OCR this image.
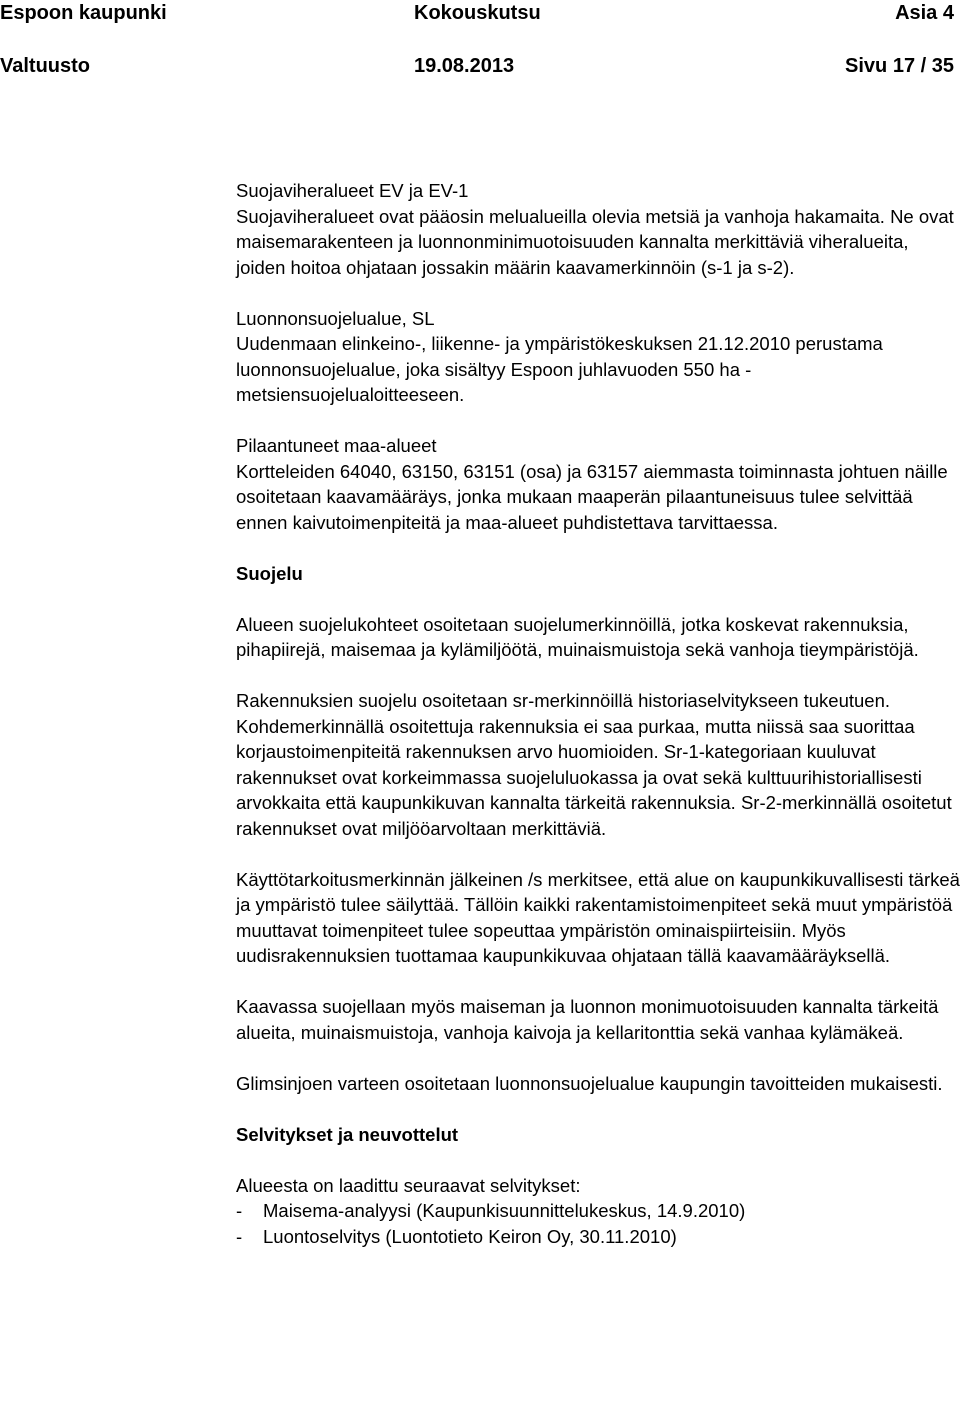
Espoon kaupunki	Kokouskutsu	Asia 4
Valtuusto	19.08.2013	Sivu 17 / 35

Suojaviheralueet EV ja EV-1

Suojaviheralueet ovat pääosin melualueilla olevia metsiä ja vanhoja hakamaita. Ne ovat maisemarakenteen ja luonnonminimuotoisuuden kannalta merkittäviä viheralueita, joiden hoitoa ohjataan jossakin määrin kaavamerkinnöin (s-1 ja s-2).

Luonnonsuojelualue, SL

Uudenmaan elinkeino-, liikenne- ja ympäristökeskuksen 21.12.2010 perustama luonnonsuojelualue, joka sisältyy Espoon juhlavuoden 550 ha -metsiensuojelualoitteeseen.

Pilaantuneet maa-alueet

Kortteleiden 64040, 63150, 63151 (osa) ja 63157 aiemmasta toiminnasta johtuen näille osoitetaan kaavamääräys, jonka mukaan maaperän pilaantuneisuus tulee selvittää ennen kaivutoimenpiteitä ja maa-alueet puhdistettava tarvittaessa.

Suojelu

Alueen suojelukohteet osoitetaan suojelumerkinnöillä, jotka koskevat rakennuksia, pihapiirejä, maisemaa ja kylämiljöötä, muinaismuistoja sekä vanhoja tieympäristöjä.

Rakennuksien suojelu osoitetaan sr-merkinnöillä historiaselvitykseen tukeutuen. Kohdemerkinnällä osoitettuja rakennuksia ei saa purkaa, mutta niissä saa suorittaa korjaustoimenpiteitä rakennuksen arvo huomioiden. Sr-1-kategoriaan kuuluvat rakennukset ovat korkeimmassa suojeluluokassa ja ovat sekä kulttuurihistoriallisesti arvokkaita että kaupunkikuvan kannalta tärkeitä rakennuksia. Sr-2-merkinnällä osoitetut rakennukset ovat miljööarvoltaan merkittäviä.

Käyttötarkoitusmerkinnän jälkeinen /s merkitsee, että alue on kaupunkikuvallisesti tärkeä ja ympäristö tulee säilyttää. Tällöin kaikki rakentamistoimenpiteet sekä muut ympäristöä muuttavat toimenpiteet tulee sopeuttaa ympäristön ominaispiirteisiin. Myös uudisrakennuksien tuottamaa kaupunkikuvaa ohjataan tällä kaavamääräyksellä.

Kaavassa suojellaan myös maiseman ja luonnon monimuotoisuuden kannalta tärkeitä alueita, muinaismuistoja, vanhoja kaivoja ja kellaritonttia sekä vanhaa kylämäkeä.

Glimsinjoen varteen osoitetaan luonnonsuojelualue kaupungin tavoitteiden mukaisesti.

Selvitykset ja neuvottelut

Alueesta on laadittu seuraavat selvitykset:

-	Maisema-analyysi (Kaupunkisuunnittelukeskus, 14.9.2010)
-	Luontoselvitys (Luontotieto Keiron Oy, 30.11.2010)
